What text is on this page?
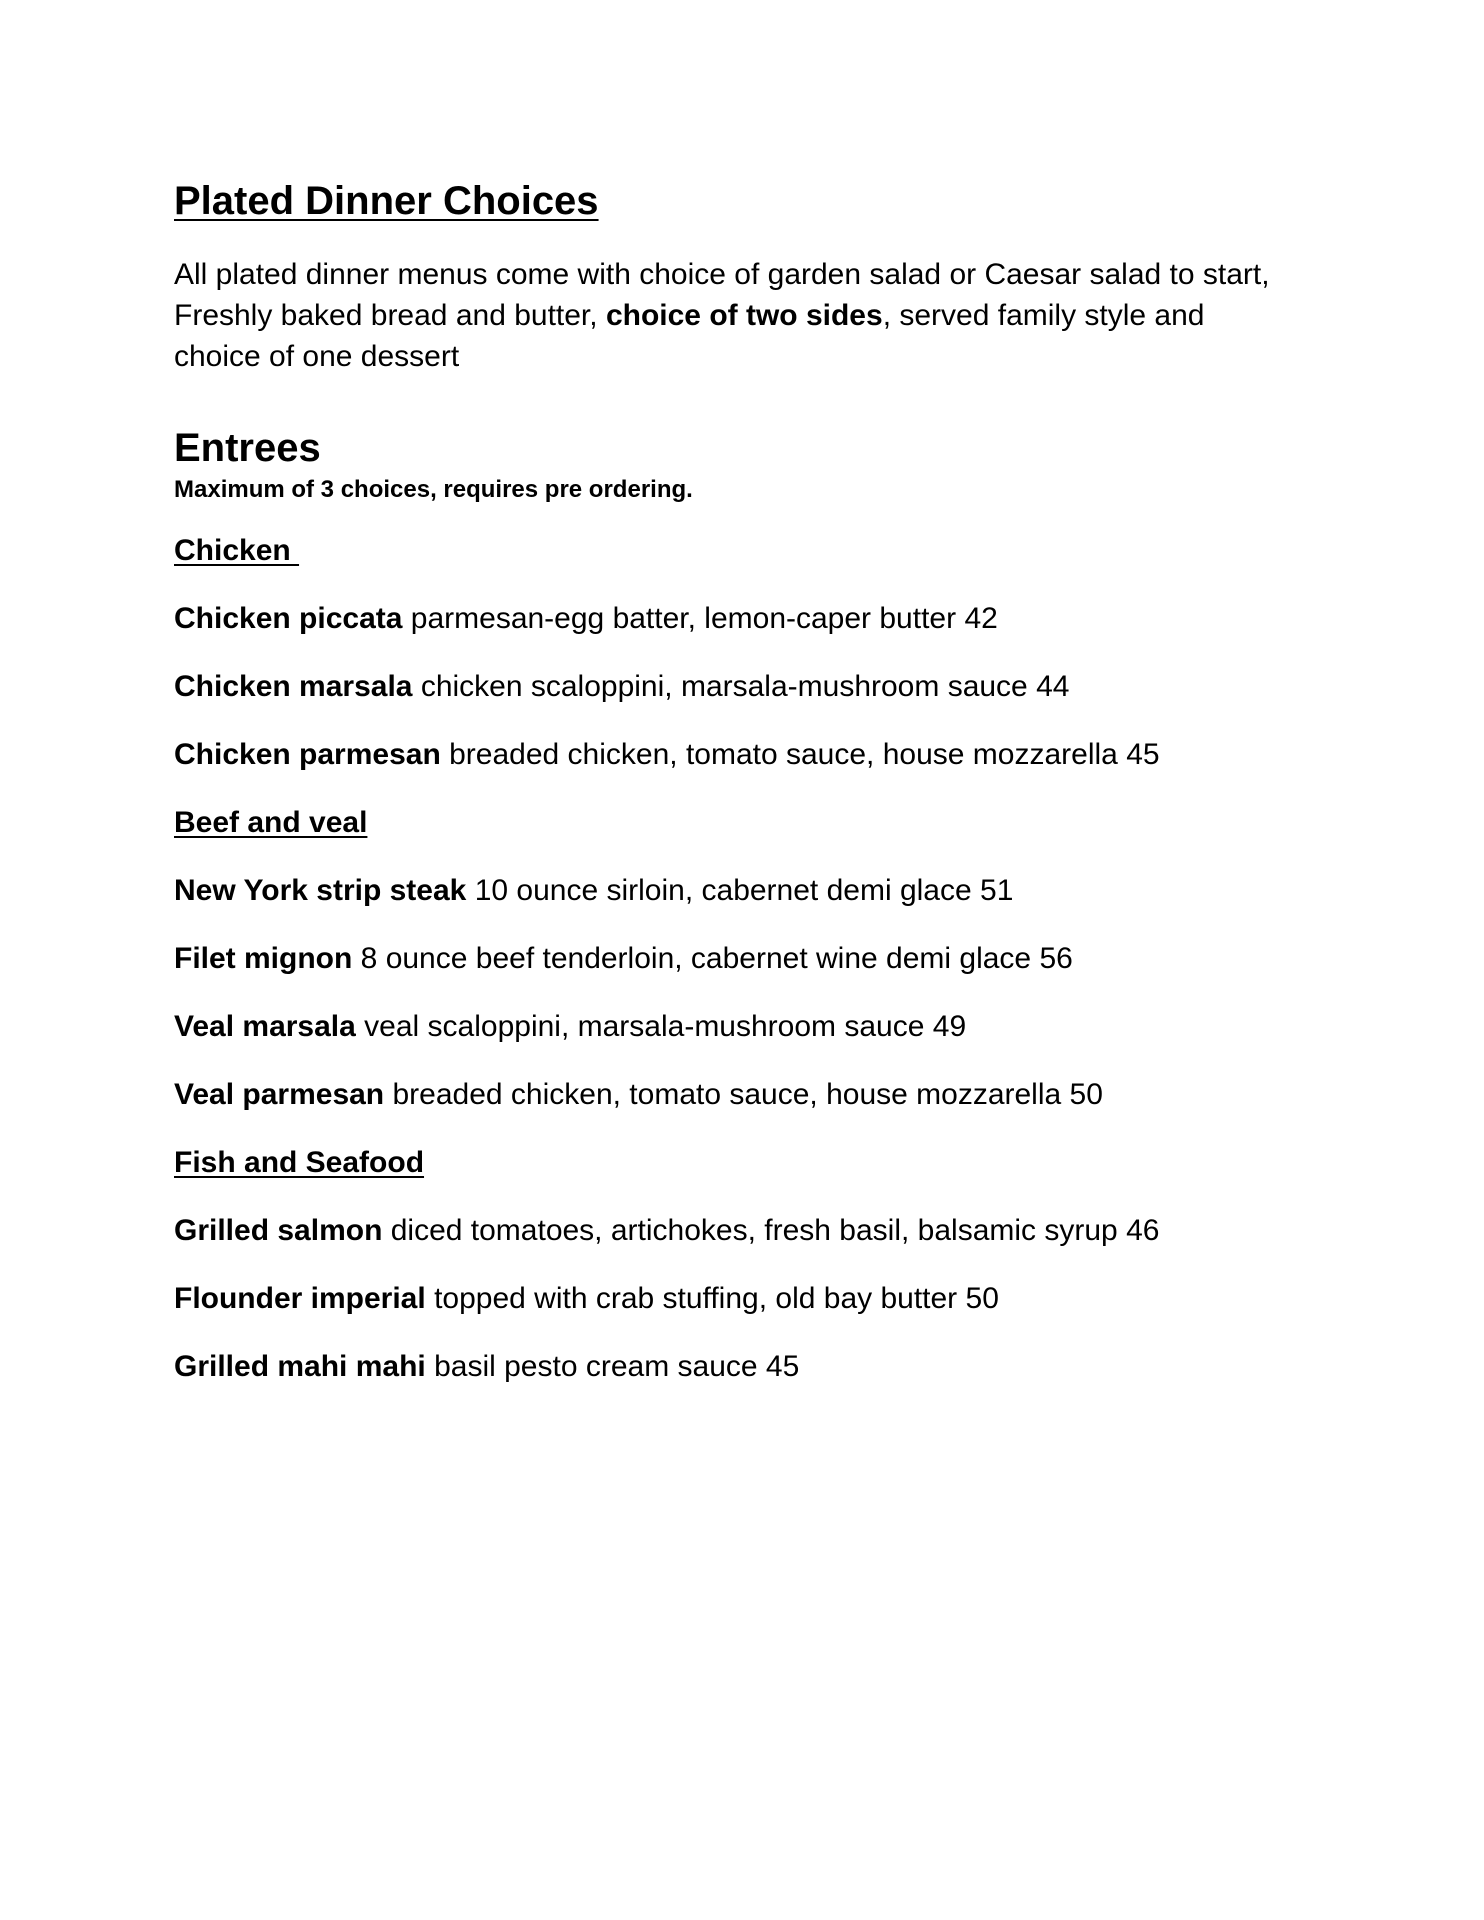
Plated Dinner Choices

All plated dinner menus come with choice of garden salad or Caesar salad to start,
Freshly baked bread and butter, choice of two sides, served family style and
choice of one dessert

Entrees
Maximum of 3 choices, requires pre ordering.
Chicken
Chicken piccata parmesan-egg batter, lemon-caper butter 42
Chicken marsala chicken scaloppini, marsala-mushroom sauce 44
Chicken parmesan breaded chicken, tomato sauce, house mozzarella 45
Beef and veal
New York strip steak 10 ounce sirloin, cabernet demi glace 51
Filet mignon 8 ounce beef tenderloin, cabernet wine demi glace 56
Veal marsala veal scaloppini, marsala-mushroom sauce 49
Veal parmesan breaded chicken, tomato sauce, house mozzarella 50
Fish and Seafood
Grilled salmon diced tomatoes, artichokes, fresh basil, balsamic syrup 46
Flounder imperial topped with crab stuffing, old bay butter 50
Grilled mahi mahi basil pesto cream sauce 45
